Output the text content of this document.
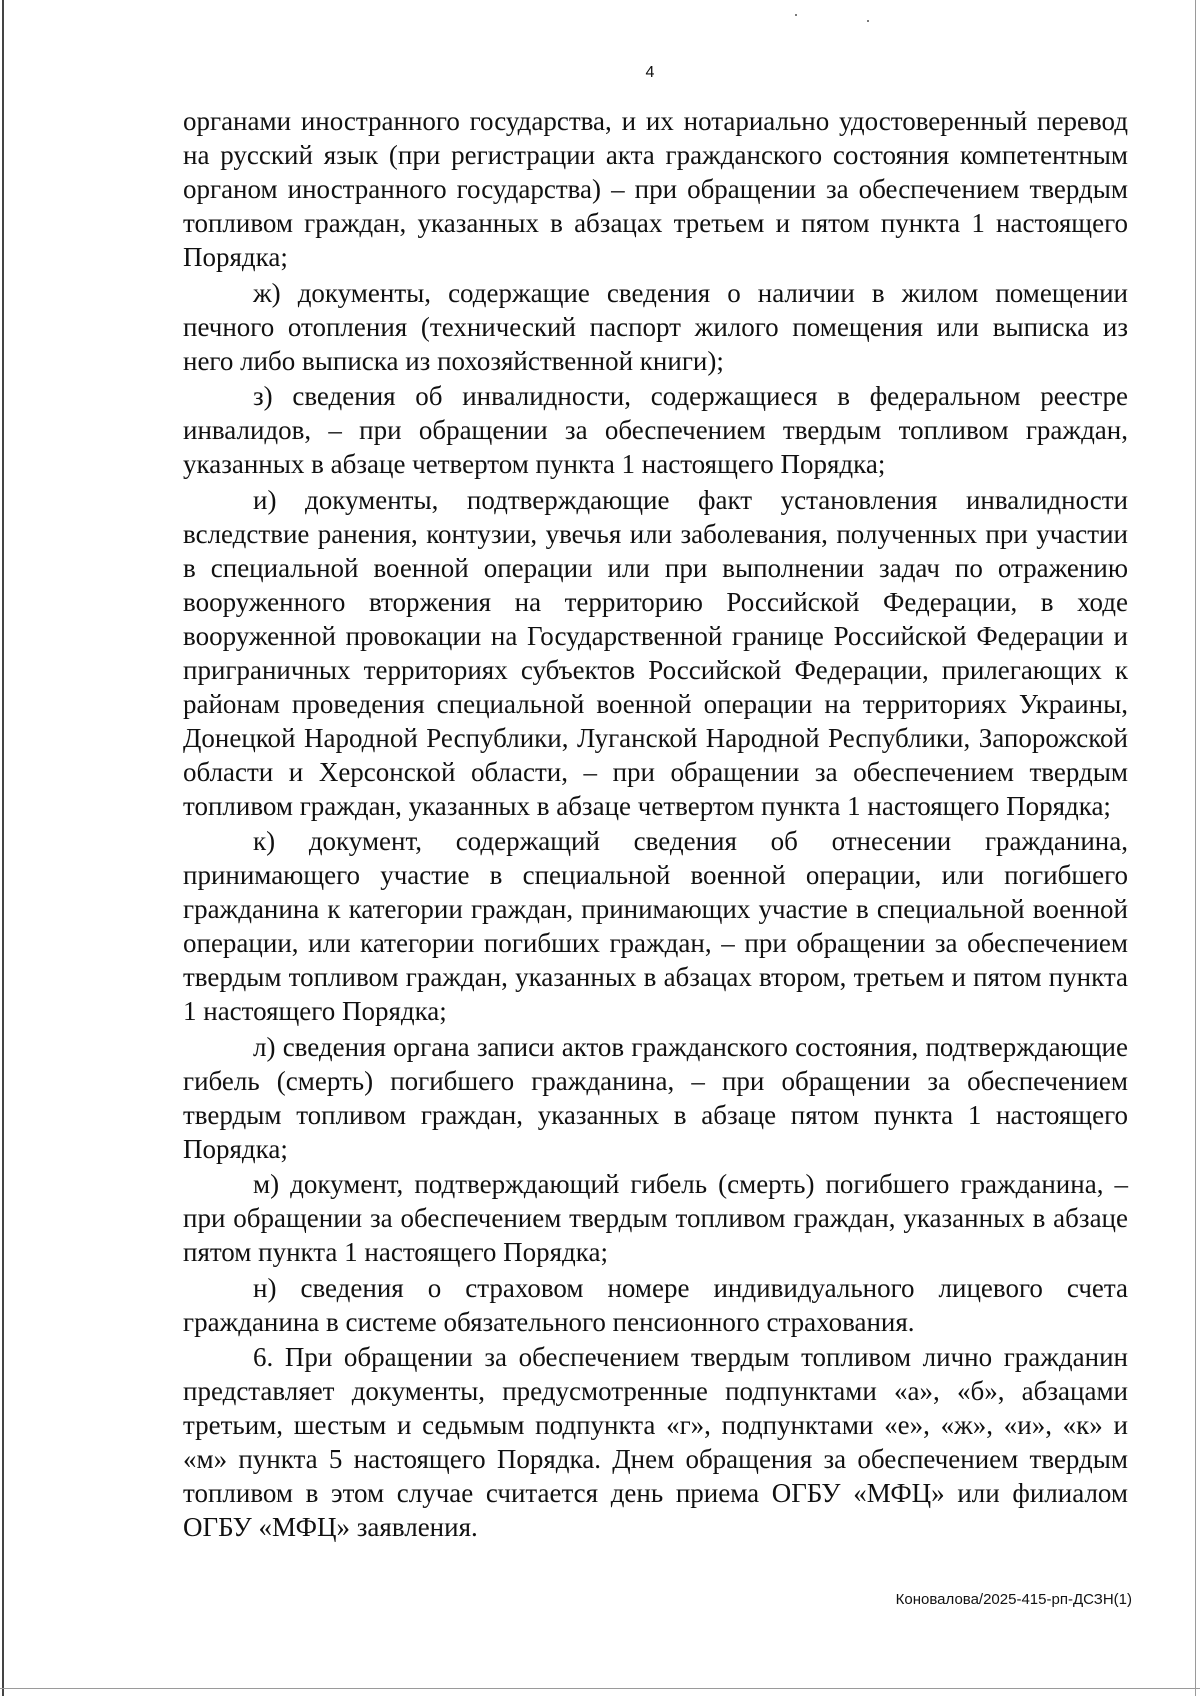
4

органами иностранного государства, и их нотариально удостоверенный перевод на русский язык (при регистрации акта гражданского состояния компетентным органом иностранного государства) – при обращении за обеспечением твердым топливом граждан, указанных в абзацах третьем и пятом пункта 1 настоящего Порядка;

ж) документы, содержащие сведения о наличии в жилом помещении печного отопления (технический паспорт жилого помещения или выписка из него либо выписка из похозяйственной книги);

з) сведения об инвалидности, содержащиеся в федеральном реестре инвалидов, – при обращении за обеспечением твердым топливом граждан, указанных в абзаце четвертом пункта 1 настоящего Порядка;

и) документы, подтверждающие факт установления инвалидности вследствие ранения, контузии, увечья или заболевания, полученных при участии в специальной военной операции или при выполнении задач по отражению вооруженного вторжения на территорию Российской Федерации, в ходе вооруженной провокации на Государственной границе Российской Федерации и приграничных территориях субъектов Российской Федерации, прилегающих к районам проведения специальной военной операции на территориях Украины, Донецкой Народной Республики, Луганской Народной Республики, Запорожской области и Херсонской области, – при обращении за обеспечением твердым топливом граждан, указанных в абзаце четвертом пункта 1 настоящего Порядка;

к) документ, содержащий сведения об отнесении гражданина, принимающего участие в специальной военной операции, или погибшего гражданина к категории граждан, принимающих участие в специальной военной операции, или категории погибших граждан, – при обращении за обеспечением твердым топливом граждан, указанных в абзацах втором, третьем и пятом пункта 1 настоящего Порядка;

л) сведения органа записи актов гражданского состояния, подтверждающие гибель (смерть) погибшего гражданина, – при обращении за обеспечением твердым топливом граждан, указанных в абзаце пятом пункта 1 настоящего Порядка;

м) документ, подтверждающий гибель (смерть) погибшего гражданина, – при обращении за обеспечением твердым топливом граждан, указанных в абзаце пятом пункта 1 настоящего Порядка;

н) сведения о страховом номере индивидуального лицевого счета гражданина в системе обязательного пенсионного страхования.

6. При обращении за обеспечением твердым топливом лично гражданин представляет документы, предусмотренные подпунктами «а», «б», абзацами третьим, шестым и седьмым подпункта «г», подпунктами «е», «ж», «и», «к» и «м» пункта 5 настоящего Порядка. Днем обращения за обеспечением твердым топливом в этом случае считается день приема ОГБУ «МФЦ» или филиалом ОГБУ «МФЦ» заявления.

Коновалова/2025-415-рп-ДСЗН(1)
